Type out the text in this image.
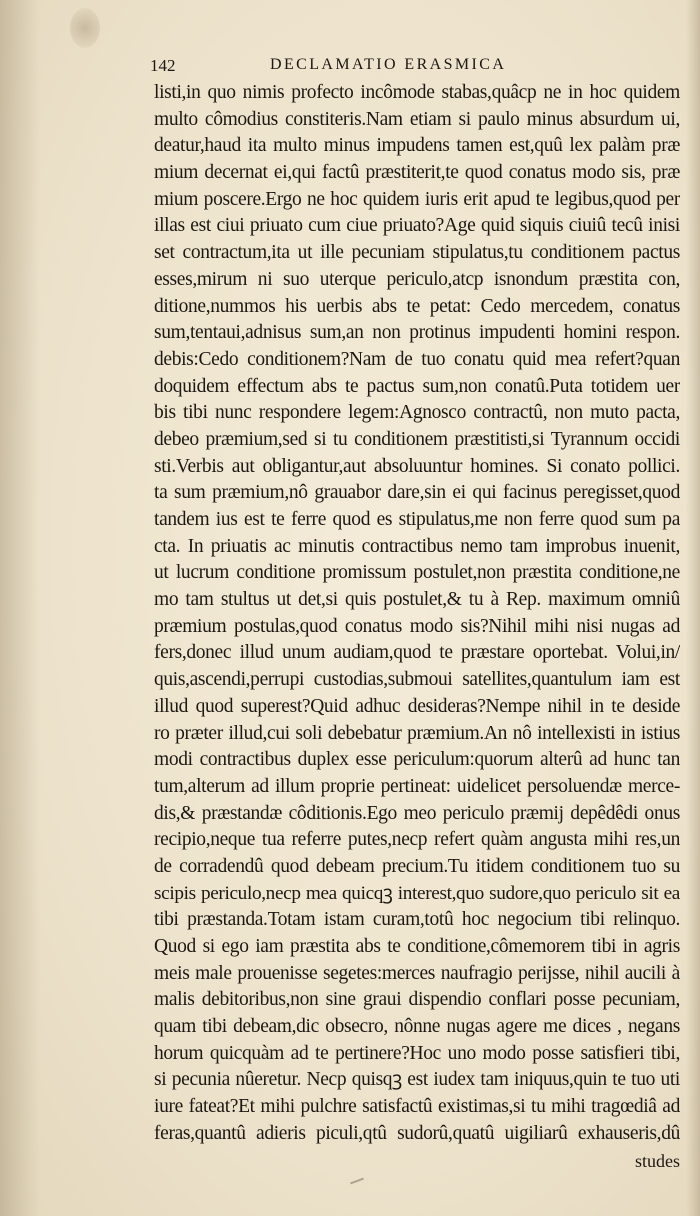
142	DECLAMATIO ERASMICA
listi,in quo nimis profecto incômode stabas,quâcp ne in hoc quidem
multo cômodius constiteris.Nam etiam si paulo minus absurdum ui,
deatur,haud ita multo minus impudens tamen est,quû lex palàm præ
mium decernat ei,qui factû præstiterit,te quod conatus modo sis, præ
mium poscere.Ergo ne hoc quidem iuris erit apud te legibus,quod per
illas est ciui priuato cum ciue priuato?Age quid siquis ciuiû tecû inisi
set contractum,ita ut ille pecuniam stipulatus,tu conditionem pactus
esses,mirum ni suo uterque periculo,atcp isnondum præstita con,
ditione,nummos his uerbis abs te petat: Cedo mercedem, conatus
sum,tentaui,adnisus sum,an non protinus impudenti homini respon.
debis:Cedo conditionem?Nam de tuo conatu quid mea refert?quan
doquidem effectum abs te pactus sum,non conatû.Puta totidem uer
bis tibi nunc respondere legem:Agnosco contractû, non muto pacta,
debeo præmium,sed si tu conditionem præstitisti,si Tyrannum occidi
sti.Verbis aut obligantur,aut absoluuntur homines. Si conato pollici.
ta sum præmium,nô grauabor dare,sin ei qui facinus peregisset,quod
tandem ius est te ferre quod es stipulatus,me non ferre quod sum pa
cta. In priuatis ac minutis contractibus nemo tam improbus inuenit,
ut lucrum conditione promissum postulet,non præstita conditione,ne
mo tam stultus ut det,si quis postulet,& tu à Rep. maximum omniû
præmium postulas,quod conatus modo sis?Nihil mihi nisi nugas ad
fers,donec illud unum audiam,quod te præstare oportebat. Volui,in/
quis,ascendi,perrupi custodias,submoui satellites,quantulum iam est
illud quod superest?Quid adhuc desideras?Nempe nihil in te deside
ro præter illud,cui soli debebatur præmium.An nô intellexisti in istius
modi contractibus duplex esse periculum:quorum alterû ad hunc tan
tum,alterum ad illum proprie pertineat: uidelicet persoluendæ merce-
dis,& præstandæ côditionis.Ego meo periculo præmij depêdêdi onus
recipio,neque tua referre putes,necp refert quàm angusta mihi res,un
de corradendû quod debeam precium.Tu itidem conditionem tuo su
scipis periculo,necp mea quicqꝫ interest,quo sudore,quo periculo sit ea
tibi præstanda.Totam istam curam,totû hoc negocium tibi relinquo.
Quod si ego iam præstita abs te conditione,cômemorem tibi in agris
meis male prouenisse segetes:merces naufragio perijsse, nihil aucili à
malis debitoribus,non sine graui dispendio conflari posse pecuniam,
quam tibi debeam,dic obsecro, nônne nugas agere me dices , negans
horum quicquàm ad te pertinere?Hoc uno modo posse satisfieri tibi,
si pecunia nûeretur. Necp quisqꝫ est iudex tam iniquus,quin te tuo uti
iure fateat?Et mihi pulchre satisfactû existimas,si tu mihi tragœdiâ ad
feras,quantû adieris piculi,qtû sudorû,quatû uigiliarû exhauseris,dû
studes
